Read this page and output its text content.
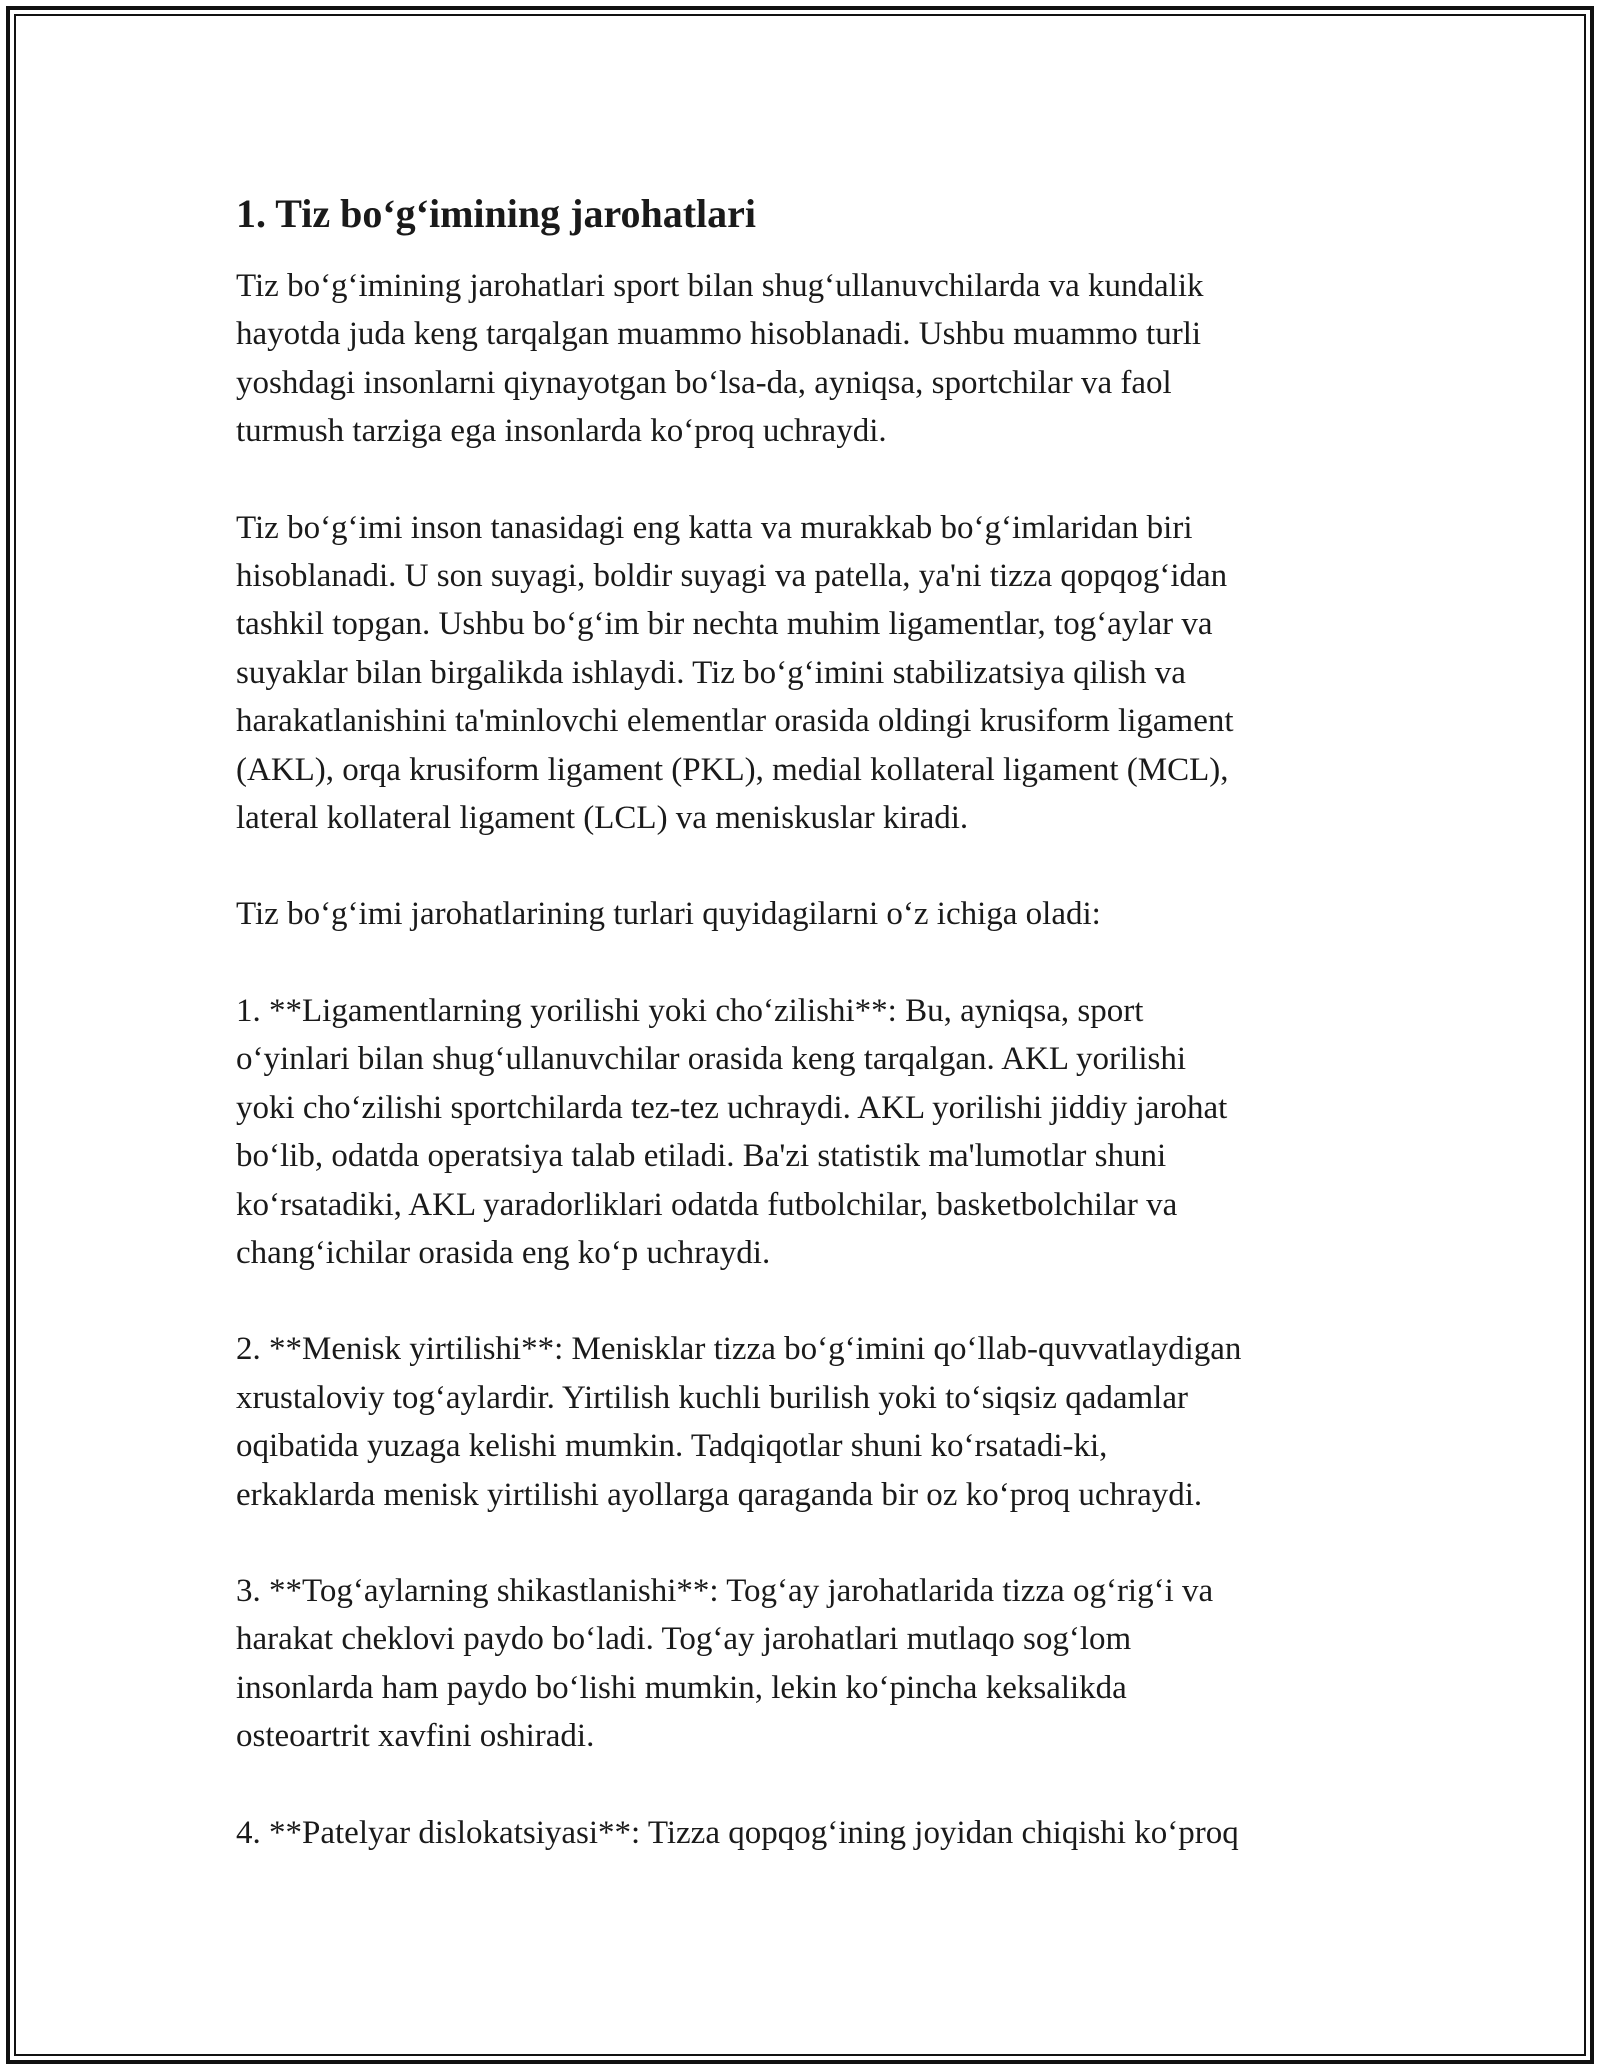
1. Tiz bo‘g‘imining jarohatlari

Tiz bo‘g‘imining jarohatlari sport bilan shug‘ullanuvchilarda va kundalik
hayotda juda keng tarqalgan muammo hisoblanadi. Ushbu muammo turli
yoshdagi insonlarni qiynayotgan bo‘lsa-da, ayniqsa, sportchilar va faol
turmush tarziga ega insonlarda ko‘proq uchraydi.

Tiz bo‘g‘imi inson tanasidagi eng katta va murakkab bo‘g‘imlaridan biri
hisoblanadi. U son suyagi, boldir suyagi va patella, ya'ni tizza qopqog‘idan
tashkil topgan. Ushbu bo‘g‘im bir nechta muhim ligamentlar, tog‘aylar va
suyaklar bilan birgalikda ishlaydi. Tiz bo‘g‘imini stabilizatsiya qilish va
harakatlanishini ta'minlovchi elementlar orasida oldingi krusiform ligament
(AKL), orqa krusiform ligament (PKL), medial kollateral ligament (MCL),
lateral kollateral ligament (LCL) va meniskuslar kiradi.

Tiz bo‘g‘imi jarohatlarining turlari quyidagilarni o‘z ichiga oladi:

1. **Ligamentlarning yorilishi yoki cho‘zilishi**: Bu, ayniqsa, sport
o‘yinlari bilan shug‘ullanuvchilar orasida keng tarqalgan. AKL yorilishi
yoki cho‘zilishi sportchilarda tez-tez uchraydi. AKL yorilishi jiddiy jarohat
bo‘lib, odatda operatsiya talab etiladi. Ba'zi statistik ma'lumotlar shuni
ko‘rsatadiki, AKL yaradorliklari odatda futbolchilar, basketbolchilar va
chang‘ichilar orasida eng ko‘p uchraydi.

2. **Menisk yirtilishi**: Menisklar tizza bo‘g‘imini qo‘llab-quvvatlaydigan
xrustaloviy tog‘aylardir. Yirtilish kuchli burilish yoki to‘siqsiz qadamlar
oqibatida yuzaga kelishi mumkin. Tadqiqotlar shuni ko‘rsatadi-ki,
erkaklarda menisk yirtilishi ayollarga qaraganda bir oz ko‘proq uchraydi.

3. **Tog‘aylarning shikastlanishi**: Tog‘ay jarohatlarida tizza og‘rig‘i va
harakat cheklovi paydo bo‘ladi. Tog‘ay jarohatlari mutlaqo sog‘lom
insonlarda ham paydo bo‘lishi mumkin, lekin ko‘pincha keksalikda
osteoartrit xavfini oshiradi.

4. **Patelyar dislokatsiyasi**: Tizza qopqog‘ining joyidan chiqishi ko‘proq
